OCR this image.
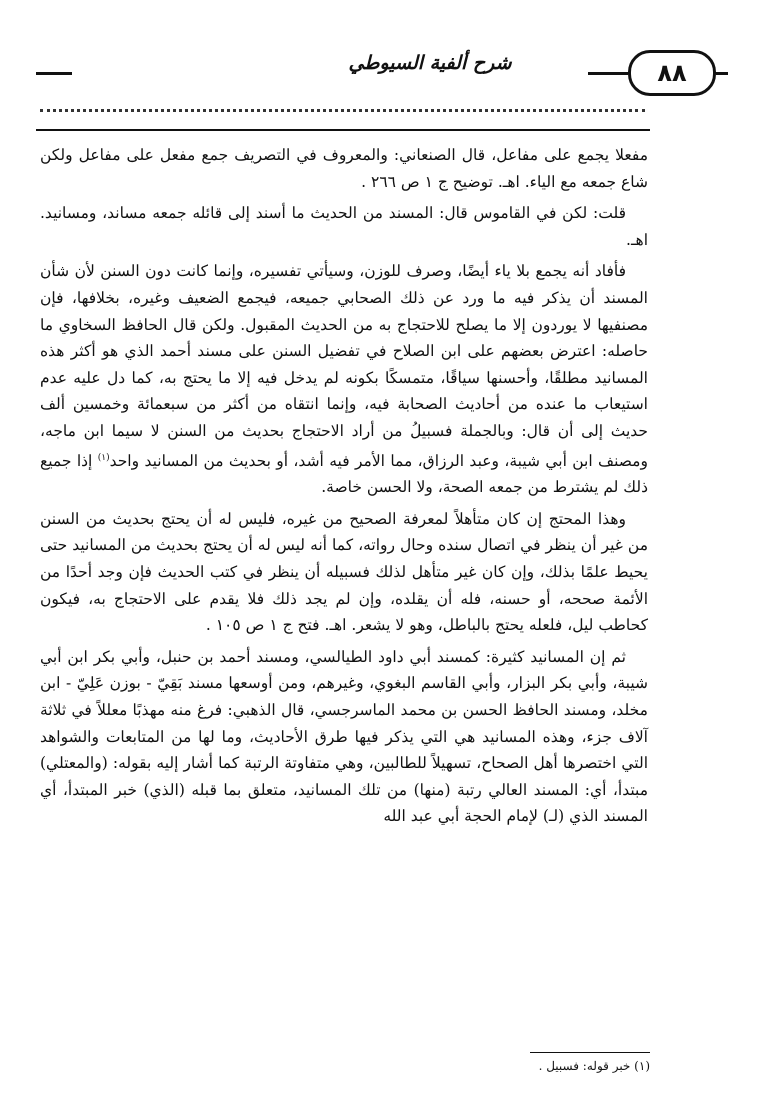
٨٨
شرح ألفية السيوطي

مفعلا يجمع على مفاعل، قال الصنعاني: والمعروف في التصريف جمع مفعل على مفاعل ولكن شاع جمعه مع الياء. اهـ. توضيح ج ١ ص ٢٦٦ .

قلت: لكن في القاموس قال: المسند من الحديث ما أسند إلى قائله جمعه مساند، ومسانيد. اهـ.

فأفاد أنه يجمع بلا ياء أيضًا، وصرف للوزن، وسيأتي تفسيره، وإنما كانت دون السنن لأن شأن المسند أن يذكر فيه ما ورد عن ذلك الصحابي جميعه، فيجمع الضعيف وغيره، بخلافها، فإن مصنفيها لا يوردون إلا ما يصلح للاحتجاج به من الحديث المقبول. ولكن قال الحافظ السخاوي ما حاصله: اعترض بعضهم على ابن الصلاح في تفضيل السنن على مسند أحمد الذي هو أكثر هذه المسانيد مطلقًا، وأحسنها سياقًا، متمسكًا بكونه لم يدخل فيه إلا ما يحتج به، كما دل عليه عدم استيعاب ما عنده من أحاديث الصحابة فيه، وإنما انتقاه من أكثر من سبعمائة وخمسين ألف حديث إلى أن قال: وبالجملة فسبيلُ من أراد الاحتجاج بحديث من السنن لا سيما ابن ماجه، ومصنف ابن أبي شيبة، وعبد الرزاق، مما الأمر فيه أشد، أو بحديث من المسانيد واحد$^{(١)}$ إذا جميع ذلك لم يشترط من جمعه الصحة، ولا الحسن خاصة.

وهذا المحتج إن كان متأهلاً لمعرفة الصحيح من غيره، فليس له أن يحتج بحديث من السنن من غير أن ينظر في اتصال سنده وحال رواته، كما أنه ليس له أن يحتج بحديث من المسانيد حتى يحيط علمًا بذلك، وإن كان غير متأهل لذلك فسبيله أن ينظر في كتب الحديث فإن وجد أحدًا من الأئمة صححه، أو حسنه، فله أن يقلده، وإن لم يجد ذلك فلا يقدم على الاحتجاج به، فيكون كحاطب ليل، فلعله يحتج بالباطل، وهو لا يشعر. اهـ. فتح ج ١ ص ١٠٥ .

ثم إن المسانيد كثيرة: كمسند أبي داود الطيالسي، ومسند أحمد بن حنبل، وأبي بكر ابن أبي شيبة، وأبي بكر البزار، وأبي القاسم البغوي، وغيرهم، ومن أوسعها مسند بَقِيّ - بوزن عَلِيّ - ابن مخلد، ومسند الحافظ الحسن بن محمد الماسرجسي، قال الذهبي: فرغ منه مهذبًا معللاً في ثلاثة آلاف جزء، وهذه المسانيد هي التي يذكر فيها طرق الأحاديث، وما لها من المتابعات والشواهد التي اختصرها أهل الصحاح، تسهيلاً للطالبين، وهي متفاوتة الرتبة كما أشار إليه بقوله: (والمعتلي) مبتدأ، أي: المسند العالي رتبة (منها) من تلك المسانيد، متعلق بما قبله (الذي) خبر المبتدأ، أي المسند الذي (لـ) لإمام الحجة أبي عبد الله

(١) خبر قوله: فسبيل .
